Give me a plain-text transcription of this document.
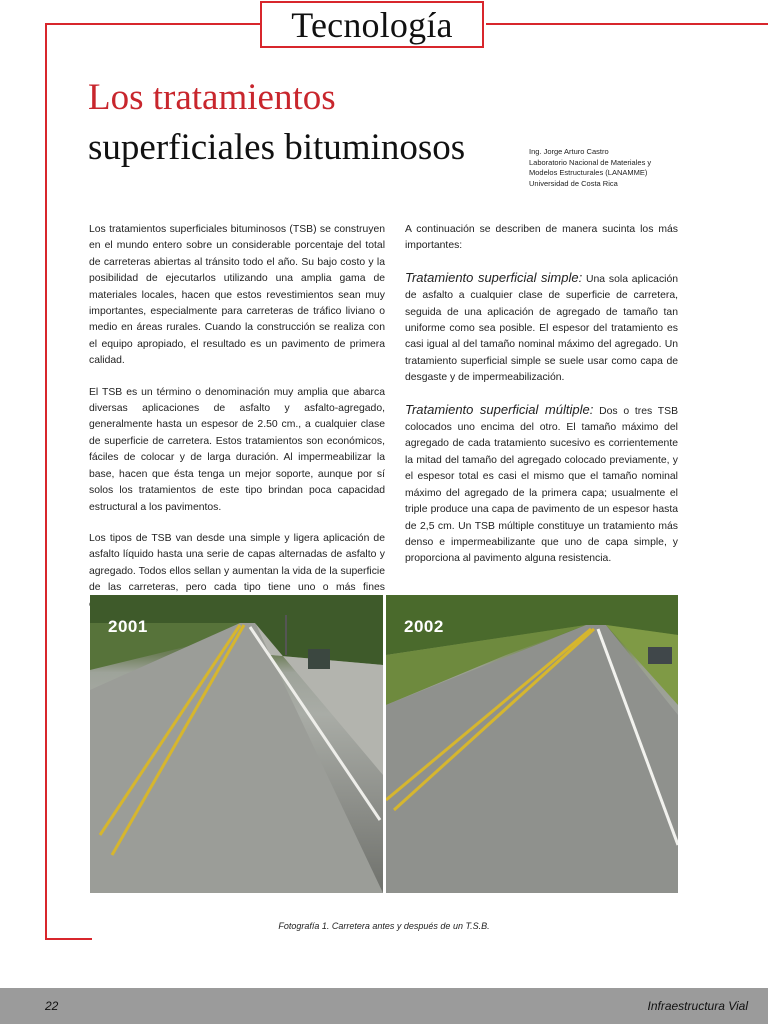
Tecnología
Los tratamientos
superficiales bituminosos	Ing. Jorge Arturo Castro
Laboratorio Nacional de Materiales y
Modelos Estructurales (LANAMME)
Universidad de Costa Rica

Los tratamientos superficiales bituminosos (TSB) se construyen en el mundo entero sobre un considerable porcentaje del total de carreteras abiertas al tránsito todo el año. Su bajo costo y la posibilidad de ejecutarlos utilizando una amplia gama de materiales locales, hacen que estos revestimientos sean muy importantes, especialmente para carreteras de tráfico liviano o medio en áreas rurales. Cuando la construcción se realiza con el equipo apropiado, el resultado es un pavimento de primera calidad.

El TSB es un término o denominación muy amplia que abarca diversas aplicaciones de asfalto y asfalto-agregado, generalmente hasta un espesor de 2.50 cm., a cualquier clase de superficie de carretera. Estos tratamientos son económicos, fáciles de colocar y de larga duración. Al impermeabilizar la base, hacen que ésta tenga un mejor soporte, aunque por sí solos los tratamientos de este tipo brindan poca capacidad estructural a los pavimentos.

Los tipos de TSB van desde una simple y ligera aplicación de asfalto líquido hasta una serie de capas alternadas de asfalto y agregado. Todos ellos sellan y aumentan la vida de la superficie de las carreteras, pero cada tipo tiene uno o más fines

A continuación se describen de manera sucinta los más importantes:

Tratamiento superficial simple: Una sola aplicación de asfalto a cualquier clase de superficie de carretera, seguida de una aplicación de agregado de tamaño tan uniforme como sea posible. El espesor del tratamiento es casi igual al del tamaño nominal máximo del agregado. Un tratamiento superficial simple se suele usar como capa de desgaste y de impermeabilización.

Tratamiento superficial múltiple: Dos o tres TSB colocados uno encima del otro. El tamaño máximo del agregado de cada tratamiento sucesivo es corrientemente la mitad del tamaño del agregado colocado previamente, y el espesor total es casi el mismo que el tamaño nominal máximo del agregado de la primera capa; usualmente el triple produce una capa de pavimento de un espesor hasta de 2,5 cm. Un TSB múltiple constituye un tratamiento más denso e impermeabilizante que uno de capa simple, y proporciona al pavimento alguna resistencia.

2001	2002
Fotografía 1. Carretera antes y después de un T.S.B.
22	Infraestructura Vial
